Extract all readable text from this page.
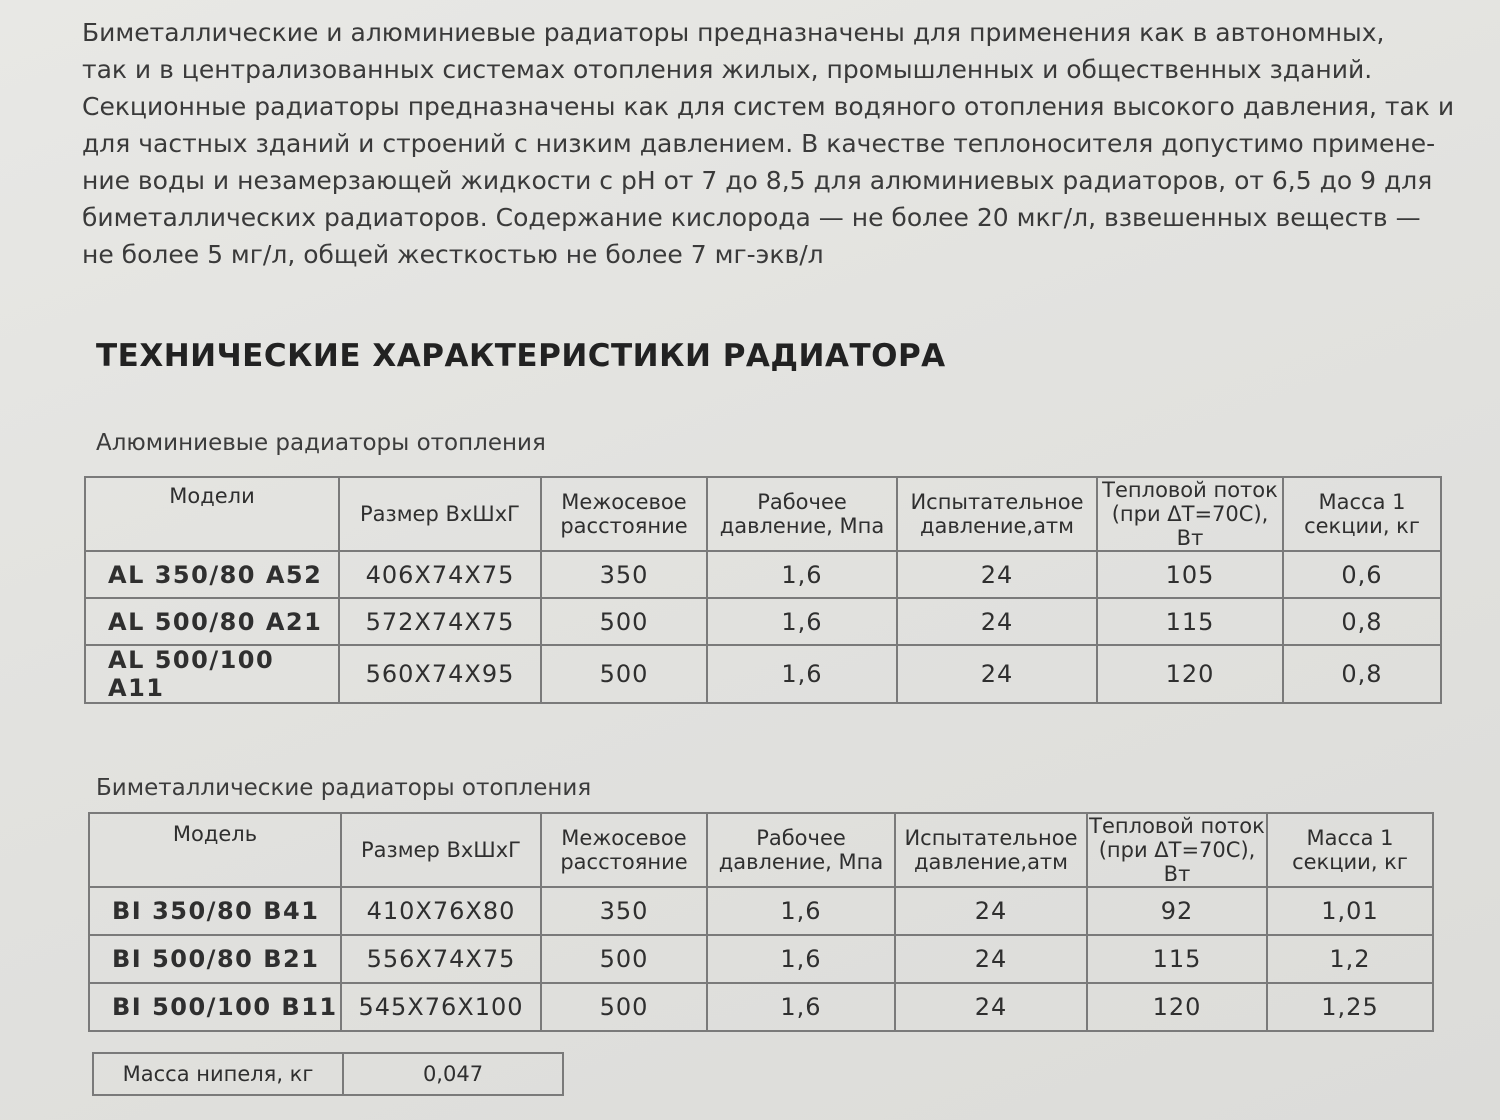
Биметаллические и алюминиевые радиаторы предназначены для применения как в автономных,
так и в централизованных системах отопления жилых, промышленных и общественных зданий.
Секционные радиаторы предназначены как для систем водяного отопления высокого давления, так и
для частных зданий и строений с низким давлением. В качестве теплоносителя допустимо примене-
ние воды и незамерзающей жидкости с pH от 7 до 8,5 для алюминиевых радиаторов, от 6,5 до 9 для
биметаллических радиаторов. Содержание кислорода — не более 20 мкг/л, взвешенных веществ —
не более 5 мг/л, общей жесткостью не более 7 мг-экв/л
ТЕХНИЧЕСКИЕ ХАРАКТЕРИСТИКИ РАДИАТОРА

Алюминиевые радиаторы отопления

Модели	Размер ВхШхГ	Межосевое расстояние	Рабочее давление, Мпа	Испытательное давление,атм	Тепловой поток (при ΔT=70C), Вт	Масса 1 секции, кг
AL 350/80 A52	406X74X75	350	1,6	24	105	0,6
AL 500/80 A21	572X74X75	500	1,6	24	115	0,8
AL 500/100 A11	560X74X95	500	1,6	24	120	0,8

Биметаллические радиаторы отопления

Модель	Размер ВхШхГ	Межосевое расстояние	Рабочее давление, Мпа	Испытательное давление,атм	Тепловой поток (при ΔT=70C), Вт	Масса 1 секции, кг
BI 350/80 B41	410X76X80	350	1,6	24	92	1,01
BI 500/80 B21	556X74X75	500	1,6	24	115	1,2
BI 500/100 B11	545X76X100	500	1,6	24	120	1,25
Масса нипеля, кг	0,047
